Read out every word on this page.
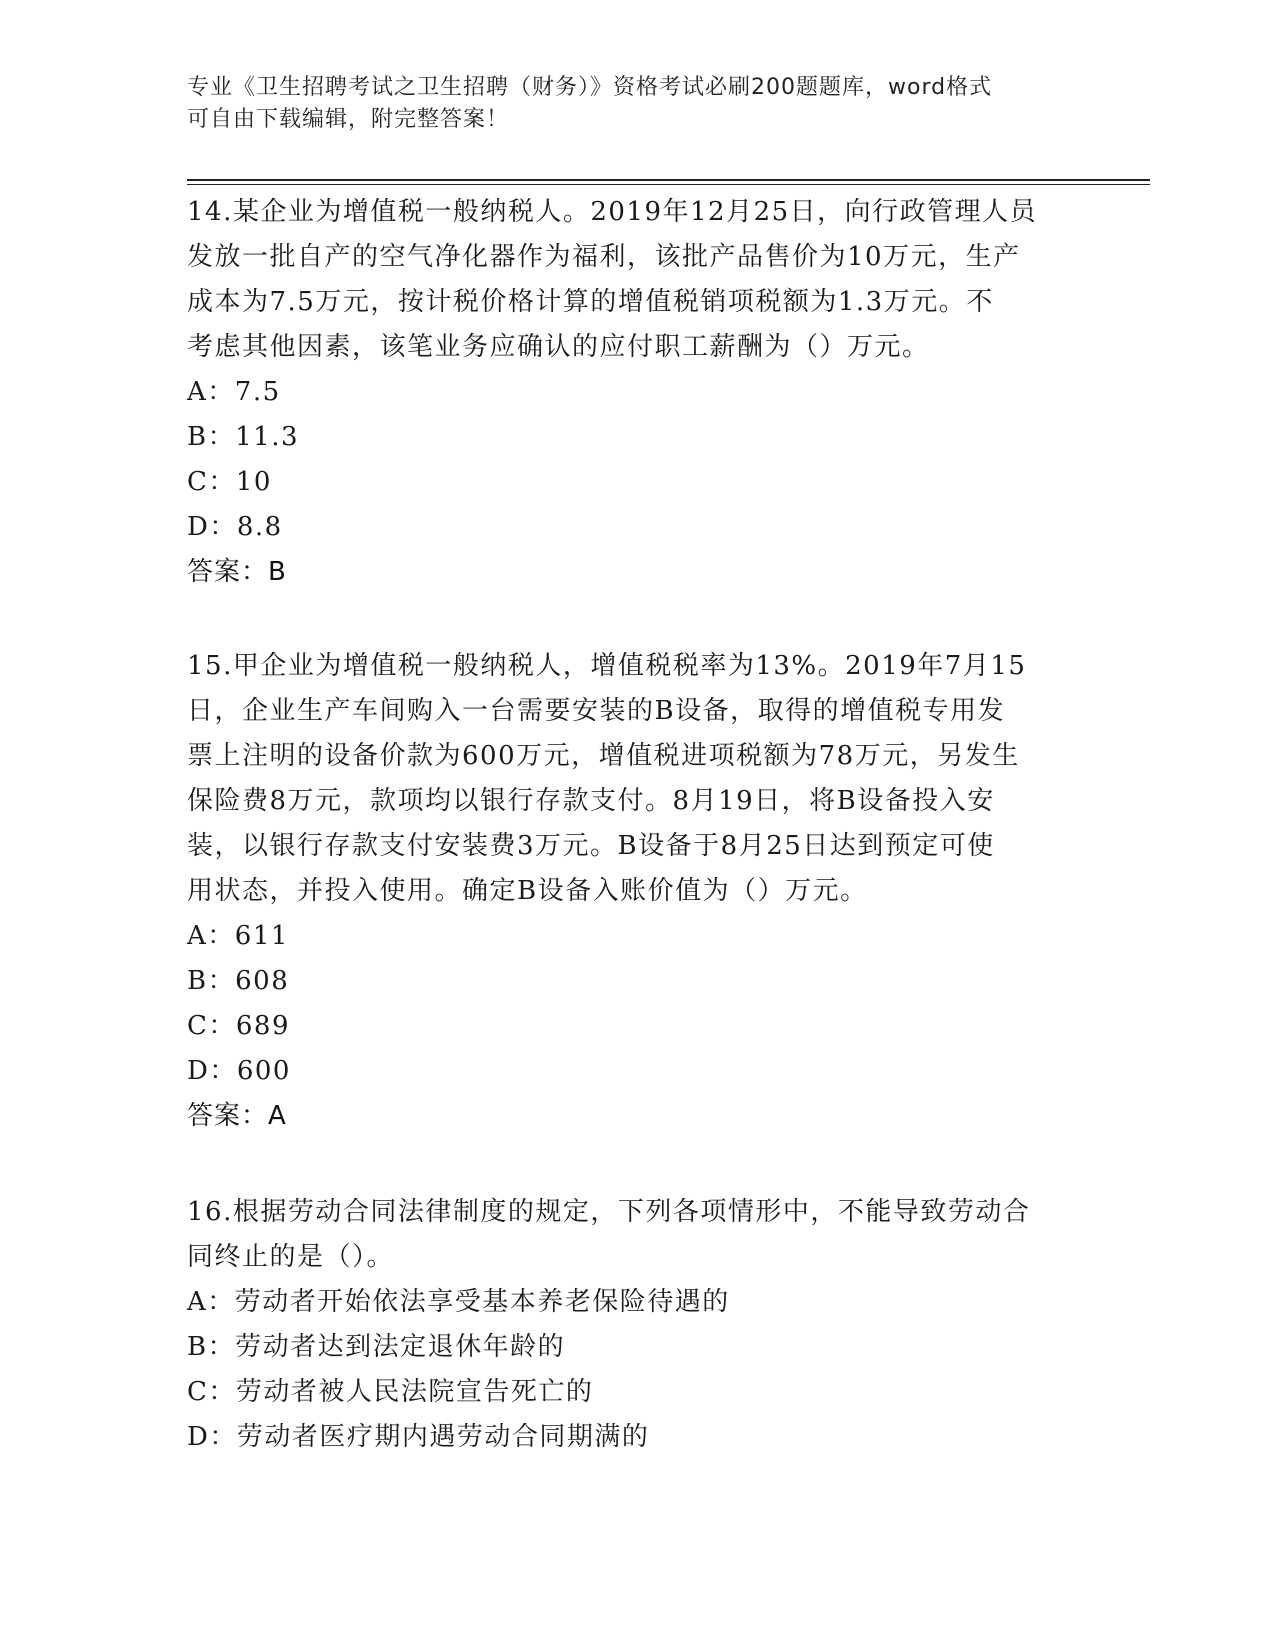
专业《卫生招聘考试之卫生招聘（财务）》资格考试必刷200题题库，word格式
可自由下载编辑，附完整答案！
14.某企业为增值税一般纳税人。2019年12月25日，向行政管理人员
发放一批自产的空气净化器作为福利，该批产品售价为10万元，生产
成本为7.5万元，按计税价格计算的增值税销项税额为1.3万元。不
考虑其他因素，该笔业务应确认的应付职工薪酬为（）万元。
A：7.5
B：11.3
C：10
D：8.8
答案：B
15.甲企业为增值税一般纳税人，增值税税率为13%。2019年7月15
日，企业生产车间购入一台需要安装的B设备，取得的增值税专用发
票上注明的设备价款为600万元，增值税进项税额为78万元，另发生
保险费8万元，款项均以银行存款支付。8月19日，将B设备投入安
装，以银行存款支付安装费3万元。B设备于8月25日达到预定可使
用状态，并投入使用。确定B设备入账价值为（）万元。
A：611
B：608
C：689
D：600
答案：A
16.根据劳动合同法律制度的规定，下列各项情形中，不能导致劳动合
同终止的是（）。
A：劳动者开始依法享受基本养老保险待遇的
B：劳动者达到法定退休年龄的
C：劳动者被人民法院宣告死亡的
D：劳动者医疗期内遇劳动合同期满的
